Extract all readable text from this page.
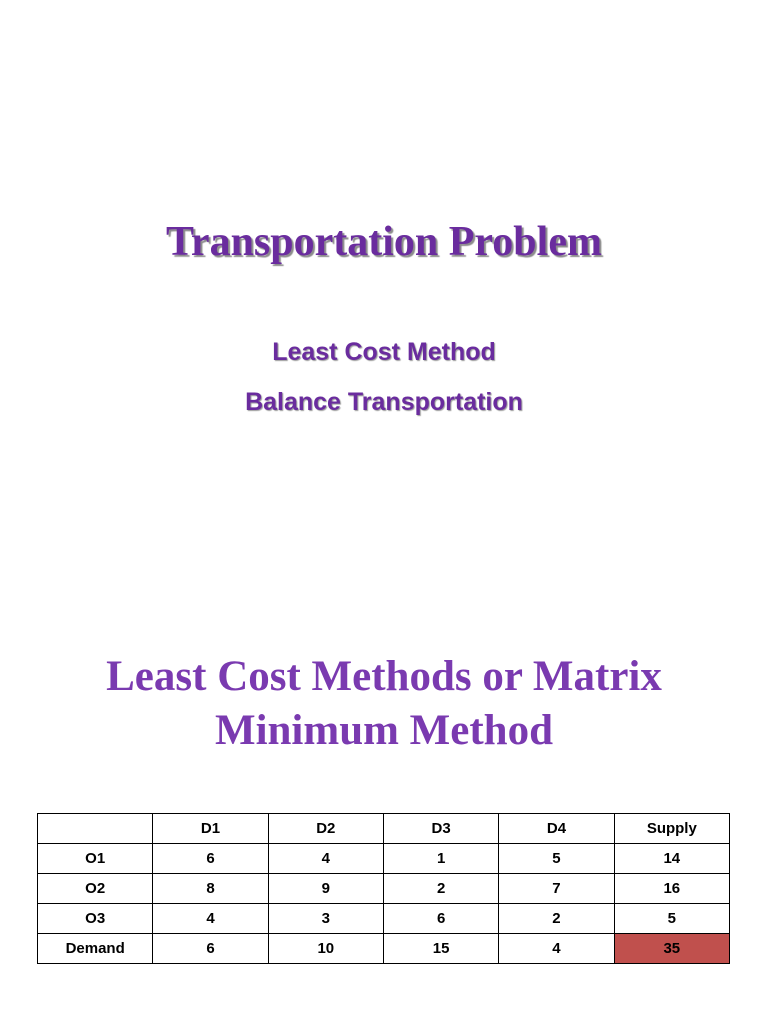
Transportation Problem

Least Cost Method

Balance Transportation

Least Cost Methods or Matrix
Minimum Method
	D1	D2	D3	D4	Supply
O1	6	4	1	5	14
O2	8	9	2	7	16
O3	4	3	6	2	5
Demand	6	10	15	4	35
